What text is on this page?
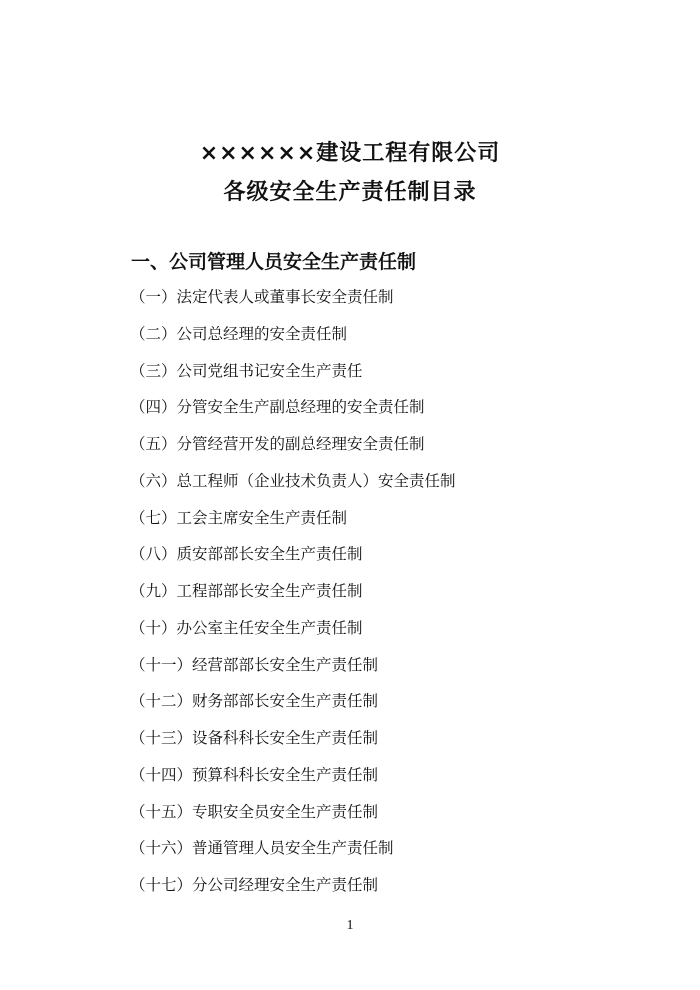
××××××建设工程有限公司
各级安全生产责任制目录
一、公司管理人员安全生产责任制
（一）法定代表人或董事长安全责任制
（二）公司总经理的安全责任制
（三）公司党组书记安全生产责任
（四）分管安全生产副总经理的安全责任制
（五）分管经营开发的副总经理安全责任制
（六）总工程师（企业技术负责人）安全责任制
（七）工会主席安全生产责任制
（八）质安部部长安全生产责任制
（九）工程部部长安全生产责任制
（十）办公室主任安全生产责任制
（十一）经营部部长安全生产责任制
（十二）财务部部长安全生产责任制
（十三）设备科科长安全生产责任制
（十四）预算科科长安全生产责任制
（十五）专职安全员安全生产责任制
（十六）普通管理人员安全生产责任制
（十七）分公司经理安全生产责任制
1
